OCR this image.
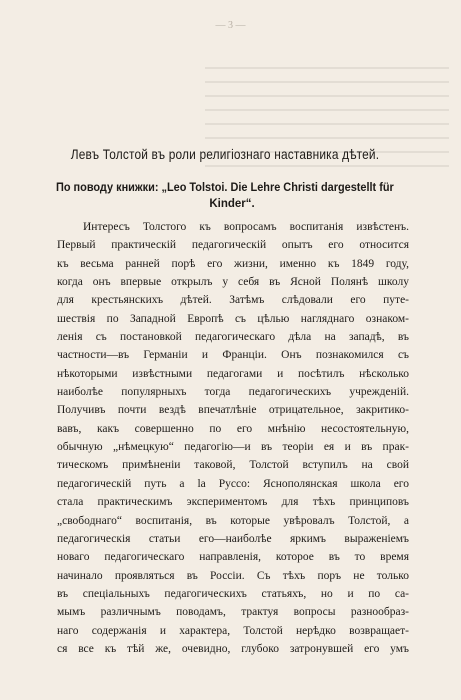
— 3 —
Левъ Толстой въ роли религіознаго наставника дѣтей.
По поводу книжки: „Leo Tolstoi. Die Lehre Christi dargestellt für
Kinder“.
Интересъ Толстого къ вопросамъ воспитанія извѣстенъ.
Первый практическій педагогическій опытъ его относится
къ весьма ранней порѣ его жизни, именно къ 1849 году,
когда онъ впервые открылъ у себя въ Ясной Полянѣ школу
для крестьянскихъ дѣтей. Затѣмъ слѣдовали его путе-
шествія по Западной Европѣ съ цѣлью нагляднаго ознаком-
ленія съ постановкой педагогическаго дѣла на западѣ, въ
частности—въ Германіи и Франціи. Онъ познакомился съ
нѣкоторыми извѣстными педагогами и посѣтилъ нѣсколько
наиболѣе популярныхъ тогда педагогическихъ учрежденій.
Получивъ почти вездѣ впечатлѣніе отрицательное, закритико-
вавъ, какъ совершенно по его мнѣнію несостоятельную,
обычную „нѣмецкую“ педагогію—и въ теоріи ея и въ прак-
тическомъ примѣненіи таковой, Толстой вступилъ на свой
педагогическій путь а la Руссо: Яснополянская школа его
стала практическимъ экспериментомъ для тѣхъ принциповъ
„свободнаго“ воспитанія, въ которые увѣровалъ Толстой, а
педагогическія статьи его—наиболѣе яркимъ выраженіемъ
новаго педагогическаго направленія, которое въ то время
начинало проявляться въ Россіи. Съ тѣхъ поръ не только
въ спеціальныхъ педагогическихъ статьяхъ, но и по са-
мымъ различнымъ поводамъ, трактуя вопросы разнообраз-
наго содержанія и характера, Толстой нерѣдко возвращает-
ся все къ тѣй же, очевидно, глубоко затронувшей его умъ
